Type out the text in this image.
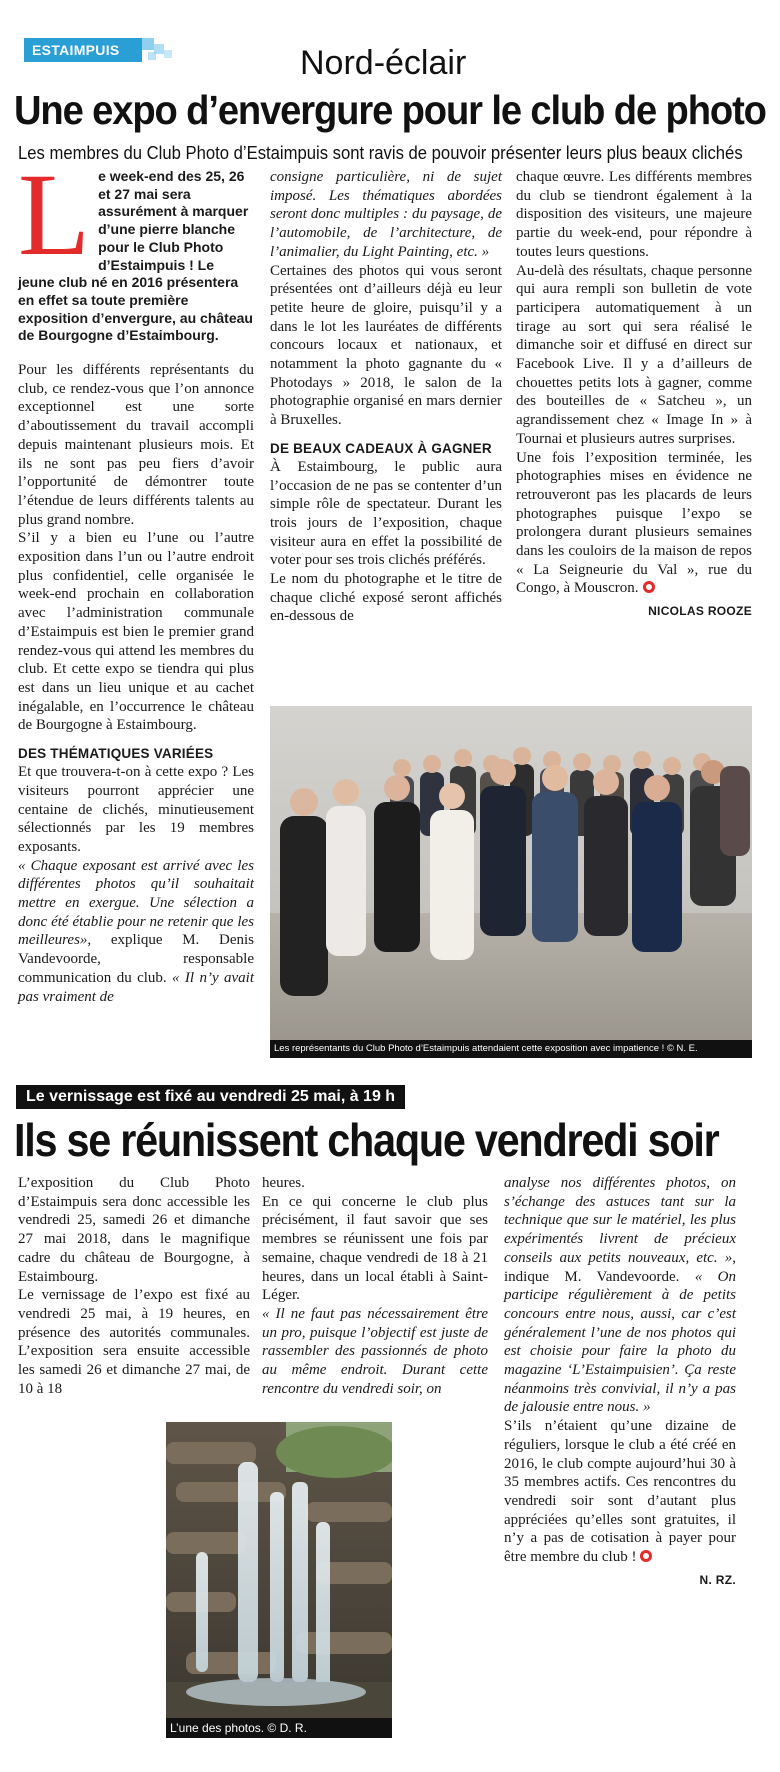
ESTAIMPUIS	Nord-éclair
Une expo d’envergure pour le club de photo
Les membres du Club Photo d’Estaimpuis sont ravis de pouvoir présenter leurs plus beaux clichés
L e week-end des 25, 26 et 27 mai sera assurément à marquer d’une pierre blanche pour le Club Photo d’Estaimpuis ! Le jeune club né en 2016 présentera en effet sa toute première exposition d’envergure, au château de Bourgogne d’Estaimbourg.

Pour les différents représentants du club, ce rendez-vous que l’on annonce exceptionnel est une sorte d’aboutissement du travail accompli depuis maintenant plusieurs mois. Et ils ne sont pas peu fiers d’avoir l’opportunité de démontrer toute l’étendue de leurs différents talents au plus grand nombre.

S’il y a bien eu l’une ou l’autre exposition dans l’un ou l’autre endroit plus confidentiel, celle organisée le week-end prochain en collaboration avec l’administration communale d’Estaimpuis est bien le premier grand rendez-vous qui attend les membres du club. Et cette expo se tiendra qui plus est dans un lieu unique et au cachet inégalable, en l’occurrence le château de Bourgogne à Estaimbourg.

DES THÉMATIQUES VARIÉES

Et que trouvera-t-on à cette expo ? Les visiteurs pourront apprécier une centaine de clichés, minutieusement sélectionnés par les 19 membres exposants.

« Chaque exposant est arrivé avec les différentes photos qu’il souhaitait mettre en exergue. Une sélection a donc été établie pour ne retenir que les meilleures», explique M. Denis Vandevoorde, responsable communication du club. « Il n’y avait pas vraiment de

consigne particulière, ni de sujet imposé. Les thématiques abordées seront donc multiples : du paysage, de l’automobile, de l’architecture, de l’animalier, du Light Painting, etc. »

Certaines des photos qui vous seront présentées ont d’ailleurs déjà eu leur petite heure de gloire, puisqu’il y a dans le lot les lauréates de différents concours locaux et nationaux, et notamment la photo gagnante du « Photodays » 2018, le salon de la photographie organisé en mars dernier à Bruxelles.

DE BEAUX CADEAUX À GAGNER

À Estaimbourg, le public aura l’occasion de ne pas se contenter d’un simple rôle de spectateur. Durant les trois jours de l’exposition, chaque visiteur aura en effet la possibilité de voter pour ses trois clichés préférés.

Le nom du photographe et le titre de chaque cliché exposé seront affichés en-dessous de

chaque œuvre. Les différents membres du club se tiendront également à la disposition des visiteurs, une majeure partie du week-end, pour répondre à toutes leurs questions.

Au-delà des résultats, chaque personne qui aura rempli son bulletin de vote participera automatiquement à un tirage au sort qui sera réalisé le dimanche soir et diffusé en direct sur Facebook Live. Il y a d’ailleurs de chouettes petits lots à gagner, comme des bouteilles de « Satcheu », un agrandissement chez « Image In » à Tournai et plusieurs autres surprises.

Une fois l’exposition terminée, les photographies mises en évidence ne retrouveront pas les placards de leurs photographes puisque l’expo se prolongera durant plusieurs semaines dans les couloirs de la maison de repos « La Seigneurie du Val », rue du Congo, à Mouscron.

NICOLAS ROOZE
Les représentants du Club Photo d’Estaimpuis attendaient cette exposition avec impatience ! © N. E.
Le vernissage est fixé au vendredi 25 mai, à 19 h
Ils se réunissent chaque vendredi soir

L’exposition du Club Photo d’Estaimpuis sera donc accessible les vendredi 25, samedi 26 et dimanche 27 mai 2018, dans le magnifique cadre du château de Bourgogne, à Estaimbourg.

Le vernissage de l’expo est fixé au vendredi 25 mai, à 19 heures, en présence des autorités communales. L’exposition sera ensuite accessible les samedi 26 et dimanche 27 mai, de 10 à 18

heures.

En ce qui concerne le club plus précisément, il faut savoir que ses membres se réunissent une fois par semaine, chaque vendredi de 18 à 21 heures, dans un local établi à Saint-Léger.

« Il ne faut pas nécessairement être un pro, puisque l’objectif est juste de rassembler des passionnés de photo au même endroit. Durant cette rencontre du vendredi soir, on

analyse nos différentes photos, on s’échange des astuces tant sur la technique que sur le matériel, les plus expérimentés livrent de précieux conseils aux petits nouveaux, etc. », indique M. Vandevoorde. « On participe régulièrement à de petits concours entre nous, aussi, car c’est généralement l’une de nos photos qui est choisie pour faire la photo du magazine ‘L’Estaimpuisien’. Ça reste néanmoins très convivial, il n’y a pas de jalousie entre nous. »

S’ils n’étaient qu’une dizaine de réguliers, lorsque le club a été créé en 2016, le club compte aujourd’hui 30 à 35 membres actifs. Ces rencontres du vendredi soir sont d’autant plus appréciées qu’elles sont gratuites, il n’y a pas de cotisation à payer pour être membre du club !

N. RZ.
L’une des photos. © D. R.
